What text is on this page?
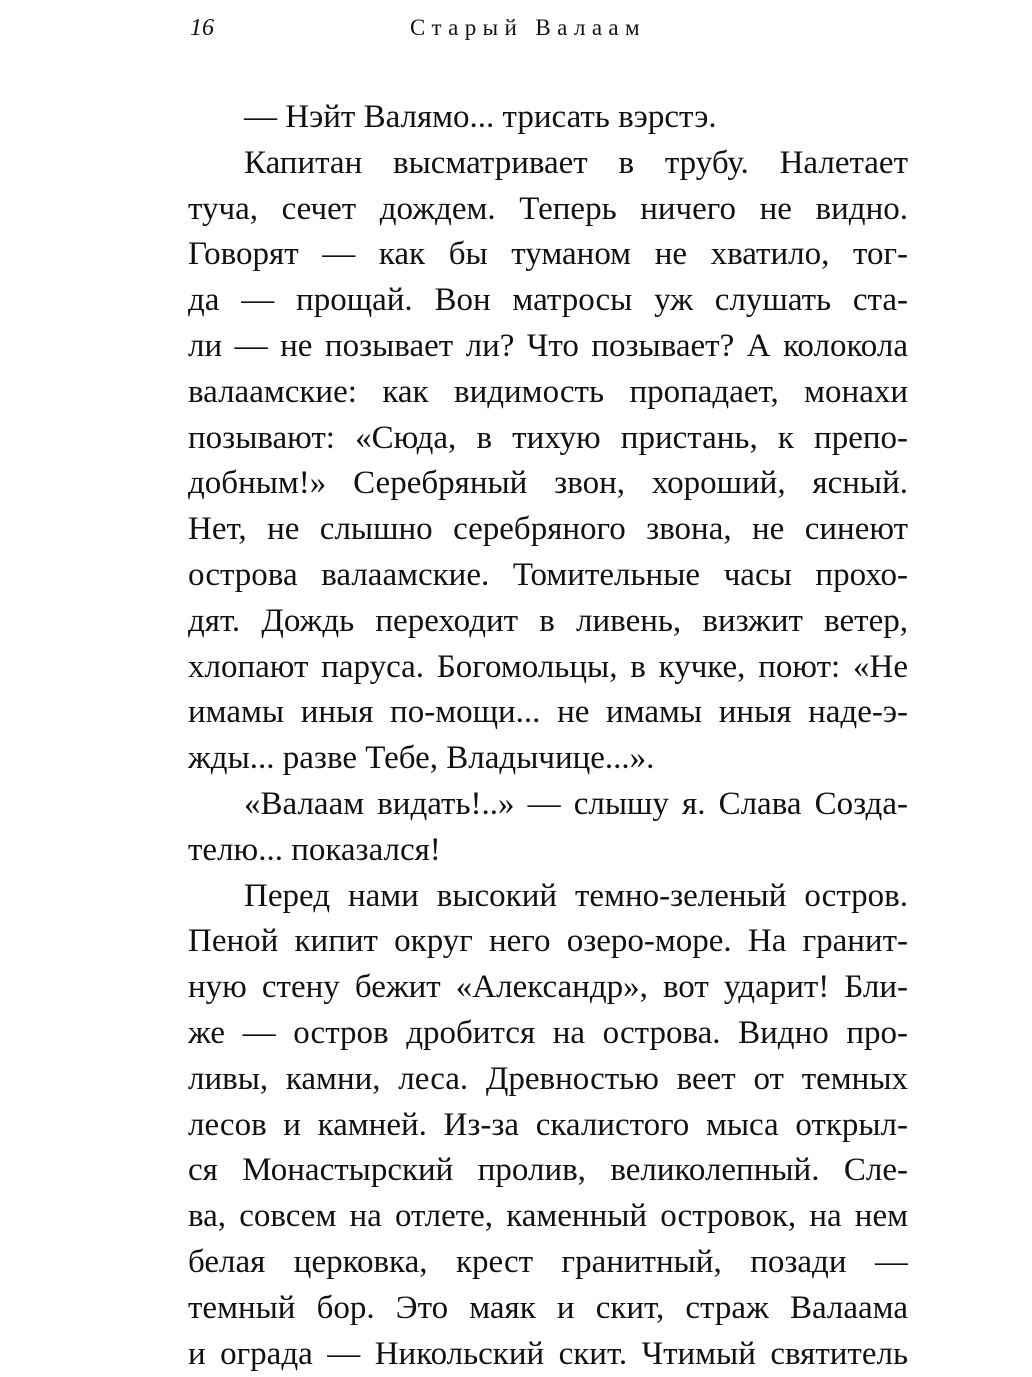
16	Старый Валаам
— Нэйт Валямо... трисать вэрстэ.
Капитан высматривает в трубу. Налетает
туча, сечет дождем. Теперь ничего не видно.
Говорят — как бы туманом не хватило, тог-
да — прощай. Вон матросы уж слушать ста-
ли — не позывает ли? Что позывает? А колокола
валаамские: как видимость пропадает, монахи
позывают: «Сюда, в тихую пристань, к препо-
добным!» Серебряный звон, хороший, ясный.
Нет, не слышно серебряного звона, не синеют
острова валаамские. Томительные часы прохо-
дят. Дождь переходит в ливень, визжит ветер,
хлопают паруса. Богомольцы, в кучке, поют: «Не
имамы иныя по-мощи... не имамы иныя наде-э-
жды... разве Тебе, Владычице...».
«Валаам видать!..» — слышу я. Слава Созда-
телю... показался!
Перед нами высокий темно-зеленый остров.
Пеной кипит округ него озеро-море. На гранит-
ную стену бежит «Александр», вот ударит! Бли-
же — остров дробится на острова. Видно про-
ливы, камни, леса. Древностью веет от темных
лесов и камней. Из-за скалистого мыса открыл-
ся Монастырский пролив, великолепный. Сле-
ва, совсем на отлете, каменный островок, на нем
белая церковка, крест гранитный, позади —
темный бор. Это маяк и скит, страж Валаама
и ограда — Никольский скит. Чтимый святитель
